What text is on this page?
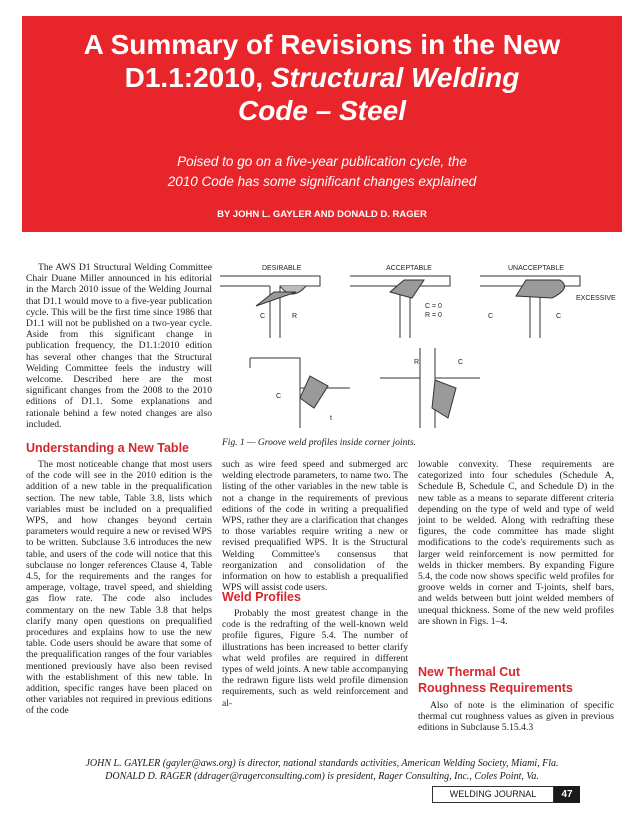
A Summary of Revisions in the New
D1.1:2010, Structural Welding
Code – Steel
Poised to go on a five-year publication cycle, the
2010 Code has some significant changes explained
BY JOHN L. GAYLER AND DONALD D. RAGER

The AWS D1 Structural Welding Committee Chair Duane Miller announced in his editorial in the March 2010 issue of the Welding Journal that D1.1 would move to a five-year publication cycle. This will be the first time since 1986 that D1.1 will not be published on a two-year cycle. Aside from this significant change in publication frequency, the D1.1:2010 edition has several other changes that the Structural Welding Committee feels the industry will welcome. Described here are the most significant changes from the 2008 to the 2010 editions of D1.1. Some explanations and rationale behind a few noted changes are also included.

DESIRABLE	ACCEPTABLE	UNACCEPTABLE
C	R
C = 0
R = 0
EXCESSIVE
C	C
C
t
R	C
Fig. 1 — Groove weld profiles inside corner joints.
Understanding a New Table

The most noticeable change that most users of the code will see in the 2010 edition is the addition of a new table in the prequalification section. The new table, Table 3.8, lists which variables must be included on a prequalified WPS, and how changes beyond certain parameters would require a new or revised WPS to be written. Subclause 3.6 introduces the new table, and users of the code will notice that this subclause no longer references Clause 4, Table 4.5, for the requirements and the ranges for amperage, voltage, travel speed, and shielding gas flow rate. The code also includes commentary on the new Table 3.8 that helps clarify many open questions on prequalified procedures and explains how to use the new table. Code users should be aware that some of the prequalification ranges of the four variables mentioned previously have also been revised with the establishment of this new table. In addition, specific ranges have been placed on other variables not required in previous editions of the code

such as wire feed speed and submerged arc welding electrode parameters, to name two. The listing of the other variables in the new table is not a change in the requirements of previous editions of the code in writing a prequalified WPS, rather they are a clarification that changes to those variables require writing a new or revised prequalified WPS. It is the Structural Welding Committee's consensus that reorganization and consolidation of the information on how to establish a prequalified WPS will assist code users.

Weld Profiles

Probably the most greatest change in the code is the redrafting of the well-known weld profile figures, Figure 5.4. The number of illustrations has been increased to better clarify what weld profiles are required in different types of weld joints. A new table accompanying the redrawn figure lists weld profile dimension requirements, such as weld reinforcement and al-

lowable convexity. These requirements are categorized into four schedules (Schedule A, Schedule B, Schedule C, and Schedule D) in the new table as a means to separate different criteria depending on the type of weld and type of weld joint to be welded. Along with redrafting these figures, the code committee has made slight modifications to the code's requirements such as larger weld reinforcement is now permitted for welds in thicker members. By expanding Figure 5.4, the code now shows specific weld profiles for groove welds in corner and T-joints, shelf bars, and welds between butt joint welded members of unequal thickness. Some of the new weld profiles are shown in Figs. 1–4.

New Thermal Cut
Roughness Requirements

Also of note is the elimination of specific thermal cut roughness values as given in previous editions in Subclause 5.15.4.3

JOHN L. GAYLER (gayler@aws.org) is director, national standards activities, American Welding Society, Miami, Fla.
DONALD D. RAGER (ddrager@ragerconsulting.com) is president, Rager Consulting, Inc., Coles Point, Va.
WELDING JOURNAL	47
